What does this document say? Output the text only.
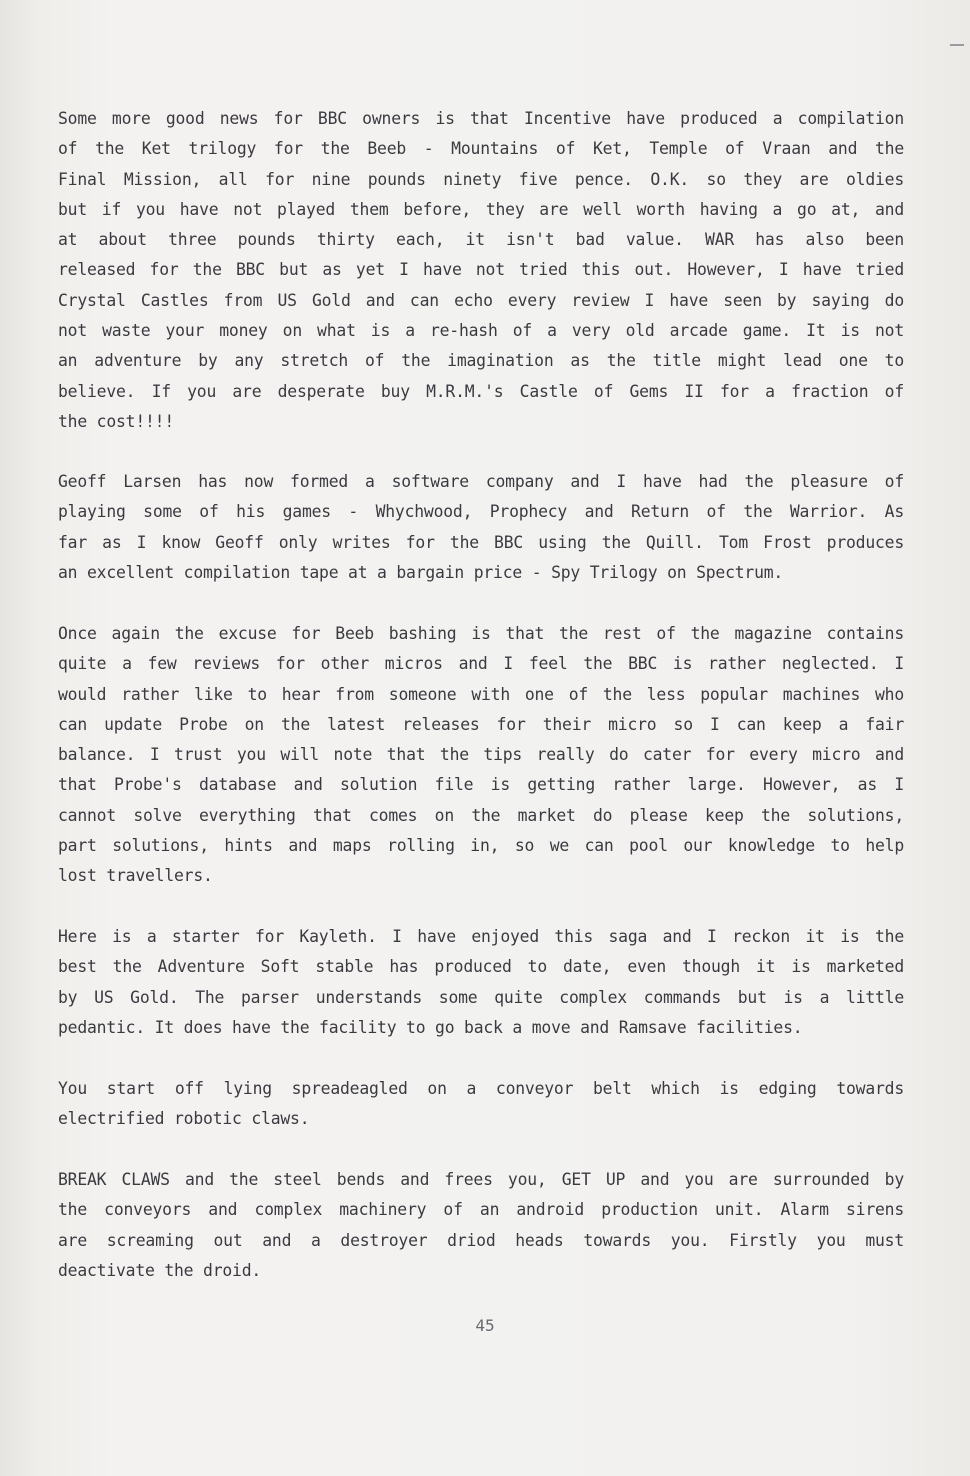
Some more good news for BBC owners is that Incentive have produced a compilation
of the Ket trilogy for the Beeb - Mountains of Ket, Temple of Vraan and the
Final Mission, all for nine pounds ninety five pence. O.K. so they are oldies
but if you have not played them before, they are well worth having a go at, and
at about three pounds thirty each, it isn't bad value. WAR has also been
released for the BBC but as yet I have not tried this out. However, I have tried
Crystal Castles from US Gold and can echo every review I have seen by saying do
not waste your money on what is a re-hash of a very old arcade game. It is not
an adventure by any stretch of the imagination as the title might lead one to
believe. If you are desperate buy M.R.M.'s Castle of Gems II for a fraction of
the cost!!!!
Geoff Larsen has now formed a software company and I have had the pleasure of
playing some of his games - Whychwood, Prophecy and Return of the Warrior. As
far as I know Geoff only writes for the BBC using the Quill. Tom Frost produces
an excellent compilation tape at a bargain price - Spy Trilogy on Spectrum.
Once again the excuse for Beeb bashing is that the rest of the magazine contains
quite a few reviews for other micros and I feel the BBC is rather neglected. I
would rather like to hear from someone with one of the less popular machines who
can update Probe on the latest releases for their micro so I can keep a fair
balance. I trust you will note that the tips really do cater for every micro and
that Probe's database and solution file is getting rather large. However, as I
cannot solve everything that comes on the market do please keep the solutions,
part solutions, hints and maps rolling in, so we can pool our knowledge to help
lost travellers.
Here is a starter for Kayleth. I have enjoyed this saga and I reckon it is the
best the Adventure Soft stable has produced to date, even though it is marketed
by US Gold. The parser understands some quite complex commands but is a little
pedantic. It does have the facility to go back a move and Ramsave facilities.
You start off lying spreadeagled on a conveyor belt which is edging towards
electrified robotic claws.
BREAK CLAWS and the steel bends and frees you, GET UP and you are surrounded by
the conveyors and complex machinery of an android production unit. Alarm sirens
are screaming out and a destroyer driod heads towards you. Firstly you must
deactivate the droid.
45
